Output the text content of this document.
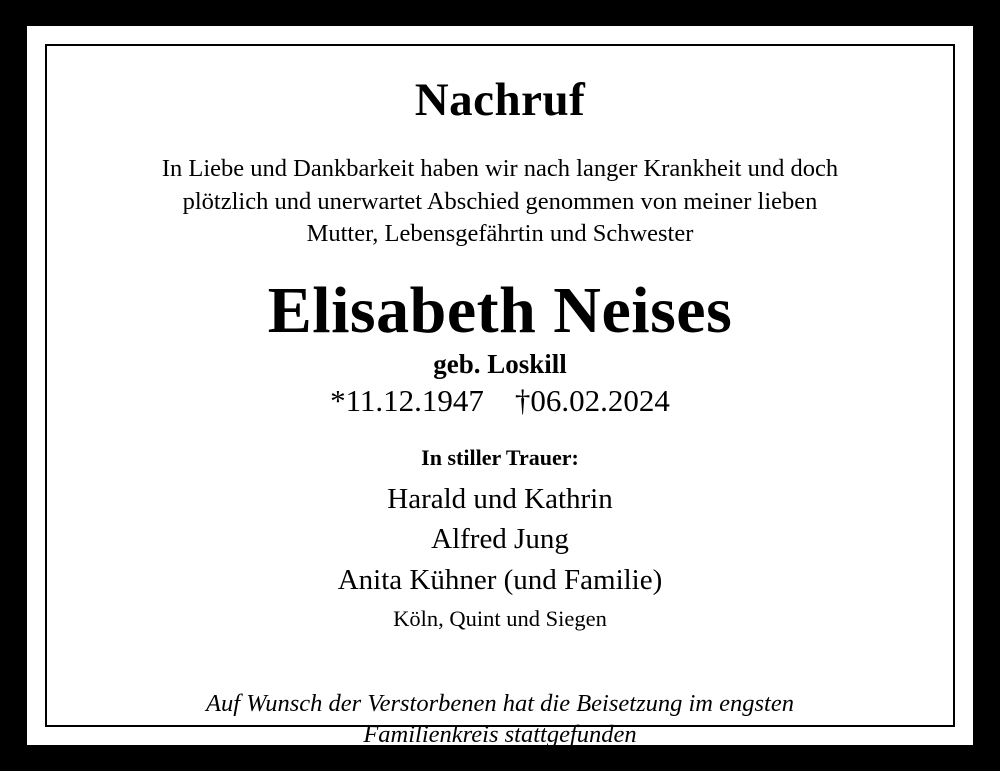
Nachruf
In Liebe und Dankbarkeit haben wir nach langer Krankheit und doch
plötzlich und unerwartet Abschied genommen von meiner lieben
Mutter, Lebensgefährtin und Schwester
Elisabeth Neises
geb. Loskill
*11.12.1947    †06.02.2024
In stiller Trauer:
Harald und Kathrin
Alfred Jung
Anita Kühner (und Familie)
Köln, Quint und Siegen
Auf Wunsch der Verstorbenen hat die Beisetzung im engsten
Familienkreis stattgefunden
